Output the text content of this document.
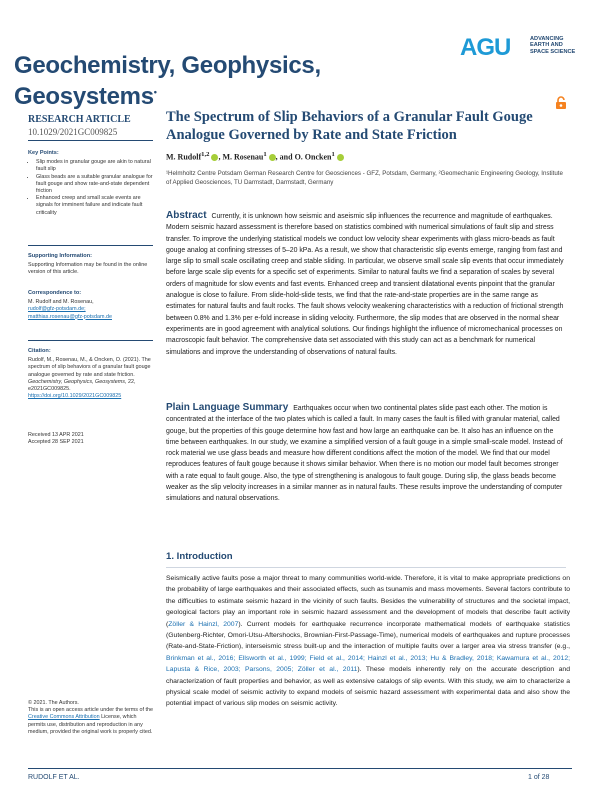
Geochemistry, Geophysics, Geosystems•
AGU	ADVANCING
EARTH AND
SPACE SCIENCE
RESEARCH ARTICLE
10.1029/2021GC009825
Key Points:
• Slip modes in granular gouge are akin to natural fault slip
• Glass beads are a suitable granular analogue for fault gouge and show rate-and-state dependent friction
• Enhanced creep and small scale events are signals for imminent failure and indicate fault criticality
Supporting Information:
Supporting Information may be found in the online version of this article.
Correspondence to:
M. Rudolf and M. Rosenau,
rudolf@gfz-potsdam.de;
matthias.rosenau@gfz-potsdam.de
Citation:
Rudolf, M., Rosenau, M., & Oncken, O. (2021). The spectrum of slip behaviors of a granular fault gouge analogue governed by rate and state friction. Geochemistry, Geophysics, Geosystems, 22, e2021GC009825. https://doi.org/10.1029/2021GC009825
Received 13 APR 2021
Accepted 28 SEP 2021
© 2021. The Authors.
This is an open access article under the terms of the Creative Commons Attribution License, which permits use, distribution and reproduction in any medium, provided the original work is properly cited.
The Spectrum of Slip Behaviors of a Granular Fault Gouge Analogue Governed by Rate and State Friction
M. Rudolf$^{1,2}$ , M. Rosenau$^1$ , and O. Oncken$^1$
¹Helmholtz Centre Potsdam German Research Centre for Geosciences - GFZ, Potsdam, Germany, ²Geomechanic Engineering Geology, Institute of Applied Geosciences, TU Darmstadt, Darmstadt, Germany
Abstract Currently, it is unknown how seismic and aseismic slip influences the recurrence and magnitude of earthquakes. Modern seismic hazard assessment is therefore based on statistics combined with numerical simulations of fault slip and stress transfer. To improve the underlying statistical models we conduct low velocity shear experiments with glass micro-beads as fault gouge analog at confining stresses of 5–20 kPa. As a result, we show that characteristic slip events emerge, ranging from fast and large slip to small scale oscillating creep and stable sliding. In particular, we observe small scale slip events that occur immediately before large scale slip events for a specific set of experiments. Similar to natural faults we find a separation of scales by several orders of magnitude for slow events and fast events. Enhanced creep and transient dilatational events pinpoint that the granular analogue is close to failure. From slide-hold-slide tests, we find that the rate-and-state properties are in the same range as estimates for natural faults and fault rocks. The fault shows velocity weakening characteristics with a reduction of frictional strength between 0.8% and 1.3% per e-fold increase in sliding velocity. Furthermore, the slip modes that are observed in the normal shear experiments are in good agreement with analytical solutions. Our findings highlight the influence of micromechanical processes on macroscopic fault behavior. The comprehensive data set associated with this study can act as a benchmark for numerical simulations and improve the understanding of observations of natural faults.
Plain Language Summary Earthquakes occur when two continental plates slide past each other. The motion is concentrated at the interface of the two plates which is called a fault. In many cases the fault is filled with granular material, called gouge, but the properties of this gouge determine how fast and how large an earthquake can be. It also has an influence on the time between earthquakes. In our study, we examine a simplified version of a fault gouge in a simple small-scale model. Instead of rock material we use glass beads and measure how different conditions affect the motion of the model. We find that our model reproduces features of fault gouge because it shows similar behavior. When there is no motion our model fault becomes stronger with a rate equal to fault gouge. Also, the type of strengthening is analogous to fault gouge. During slip, the glass beads become weaker as the slip velocity increases in a similar manner as in natural faults. These results improve the understanding of computer simulations and natural observations.
1. Introduction
Seismically active faults pose a major threat to many communities world-wide. Therefore, it is vital to make appropriate predictions on the probability of large earthquakes and their associated effects, such as tsunamis and mass movements. Several factors contribute to the difficulties to estimate seismic hazard in the vicinity of such faults. Besides the vulnerability of structures and the societal impact, geological factors play an important role in seismic hazard assessment and the development of models that describe fault activity (Zöller & Hainzl, 2007). Current models for earthquake recurrence incorporate mathematical models of earthquake statistics (Gutenberg-Richter, Omori-Utsu-Aftershocks, Brownian-First-Passage-Time), numerical models of earthquakes and rupture processes (Rate-and-State-Friction), interseismic stress built-up and the interaction of multiple faults over a larger area via stress transfer (e.g., Brinkman et al., 2016; Ellsworth et al., 1999; Field et al., 2014; Hainzl et al., 2013; Hu & Bradley, 2018; Kawamura et al., 2012; Lapusta & Rice, 2003; Parsons, 2005; Zöller et al., 2011). These models inherently rely on the accurate description and characterization of fault properties and behavior, as well as extensive catalogs of slip events. With this study, we aim to characterize a physical scale model of seismic activity to expand models of seismic hazard assessment with experimental data and also show the potential impact of various slip modes on seismic activity.
RUDOLF ET AL.	1 of 28
